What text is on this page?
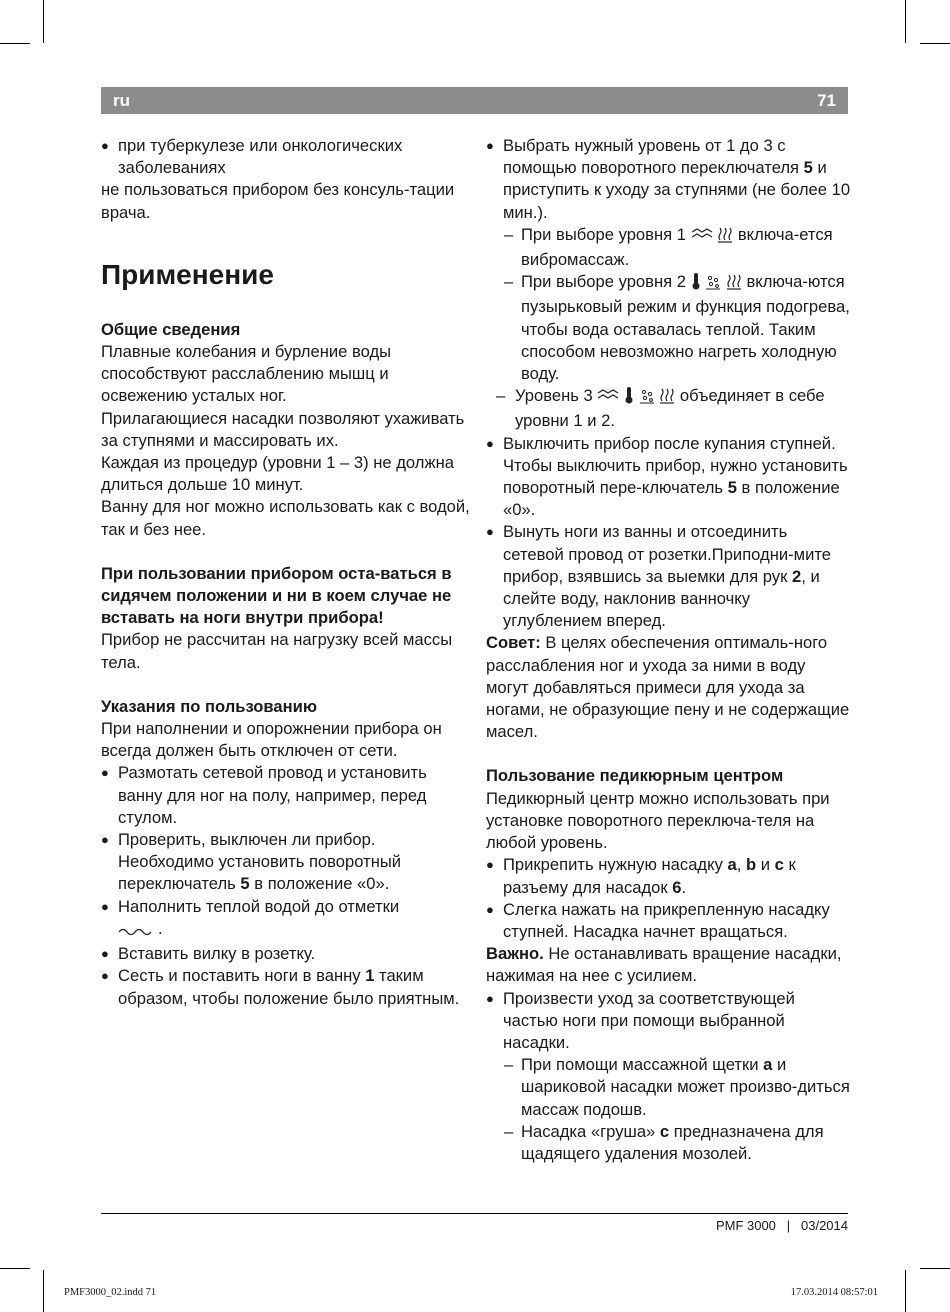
ru	71

● при туберкулезе или онкологических заболеваниях

не пользоваться прибором без консуль-тации врача.

Применение

Общие сведения

Плавные колебания и бурление воды способствуют расслаблению мышц и освежению усталых ног.

Прилагающиеся насадки позволяют ухаживать за ступнями и массировать их.

Каждая из процедур (уровни 1 – 3) не должна длиться дольше 10 минут.

Ванну для ног можно использовать как с водой, так и без нее.

При пользовании прибором оста-ваться в сидячем положении и ни в коем случае не вставать на ноги внутри прибора!

Прибор не рассчитан на нагрузку всей массы тела.

Указания по пользованию

При наполнении и опорожнении прибора он всегда должен быть отключен от сети.

● Размотать сетевой провод и установить ванну для ног на полу, например, перед стулом.

● Проверить, выключен ли прибор. Необходимо установить поворотный переключатель 5 в положение «0».

● Наполнить теплой водой до отметки
.

● Вставить вилку в розетку.

● Сесть и поставить ноги в ванну 1 таким образом, чтобы положение было приятным.

● Выбрать нужный уровень от 1 до 3 с помощью поворотного переключателя 5 и приступить к уходу за ступнями (не более 10 мин.).

– При выборе уровня 1	включа-ется вибромассаж.

– При выборе уровня 2	включа-ются пузырьковый режим и функция подогрева, чтобы вода оставалась теплой. Таким способом невозможно нагреть холодную воду.

– Уровень 3	объединяет в себе уровни 1 и 2.

● Выключить прибор после купания ступней. Чтобы выключить прибор, нужно установить поворотный пере-ключатель 5 в положение «0».

● Вынуть ноги из ванны и отсоединить сетевой провод от розетки.Приподни-мите прибор, взявшись за выемки для рук 2, и слейте воду, наклонив ванночку углублением вперед.

Совет: В целях обеспечения оптималь-ного расслабления ног и ухода за ними в воду могут добавляться примеси для ухода за ногами, не образующие пену и не содержащие масел.

Пользование педикюрным центром

Педикюрный центр можно использовать при установке поворотного переключа-теля на любой уровень.

● Прикрепить нужную насадку a, b и c к разъему для насадок 6.

● Слегка нажать на прикрепленную насадку ступней. Насадка начнет вращаться.

Важно. Не останавливать вращение насадки, нажимая на нее с усилием.

● Произвести уход за соответствующей частью ноги при помощи выбранной насадки.

– При помощи массажной щетки a и шариковой насадки может произво-диться массаж подошв.

– Насадка «груша» c предназначена для щадящего удаления мозолей.

PMF 3000 | 03/2014
PMF3000_02.indd 71	17.03.2014 08:57:01
